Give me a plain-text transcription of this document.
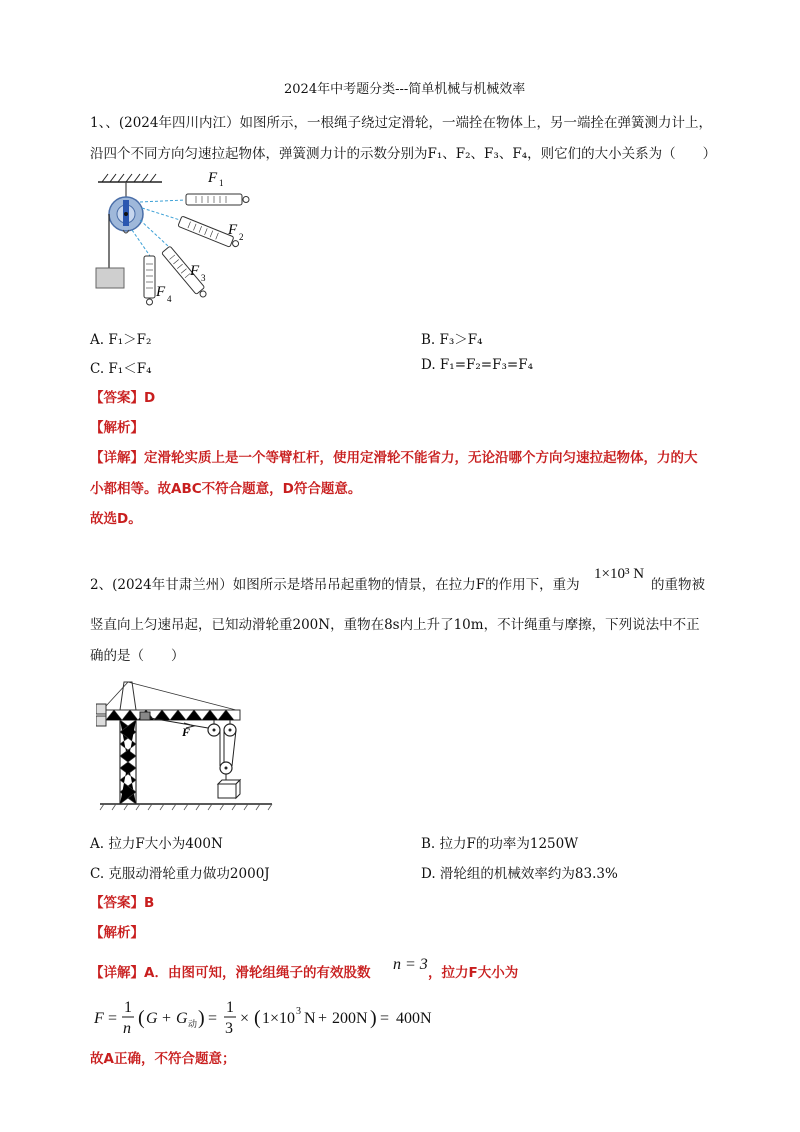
2024年中考题分类---简单机械与机械效率
1、、(2024年四川内江）如图所示，一根绳子绕过定滑轮，一端拴在物体上，另一端拴在弹簧测力计上，
沿四个不同方向匀速拉起物体，弹簧测力计的示数分别为F₁、F₂、F₃、F₄，则它们的大小关系为（　　）
F 1
F 2
F 3
F 4
A. F₁＞F₂	B. F₃＞F₄
C. F₁＜F₄	D. F₁=F₂=F₃=F₄
【答案】D
【解析】
【详解】定滑轮实质上是一个等臂杠杆，使用定滑轮不能省力，无论沿哪个方向匀速拉起物体，力的大
小都相等。故ABC不符合题意，D符合题意。
故选D。
2、(2024年甘肃兰州）如图所示是塔吊吊起重物的情景，在拉力F的作用下，重为
1×10³ N
的重物被
竖直向上匀速吊起，已知动滑轮重200N，重物在8s内上升了10m，不计绳重与摩擦，下列说法中不正
确的是（　　）
F
A. 拉力F大小为400N	B. 拉力F的功率为1250W
C. 克服动滑轮重力做功2000J	D. 滑轮组的机械效率约为83.3%
【答案】B
【解析】
【详解】A．由图可知，滑轮组绳子的有效股数 n = 3 ，拉力F大小为
F =
1
n ( G + G 动 ) =
1
3
× ( 1×10 3 N + 200N ) = 400N
故A正确，不符合题意；
